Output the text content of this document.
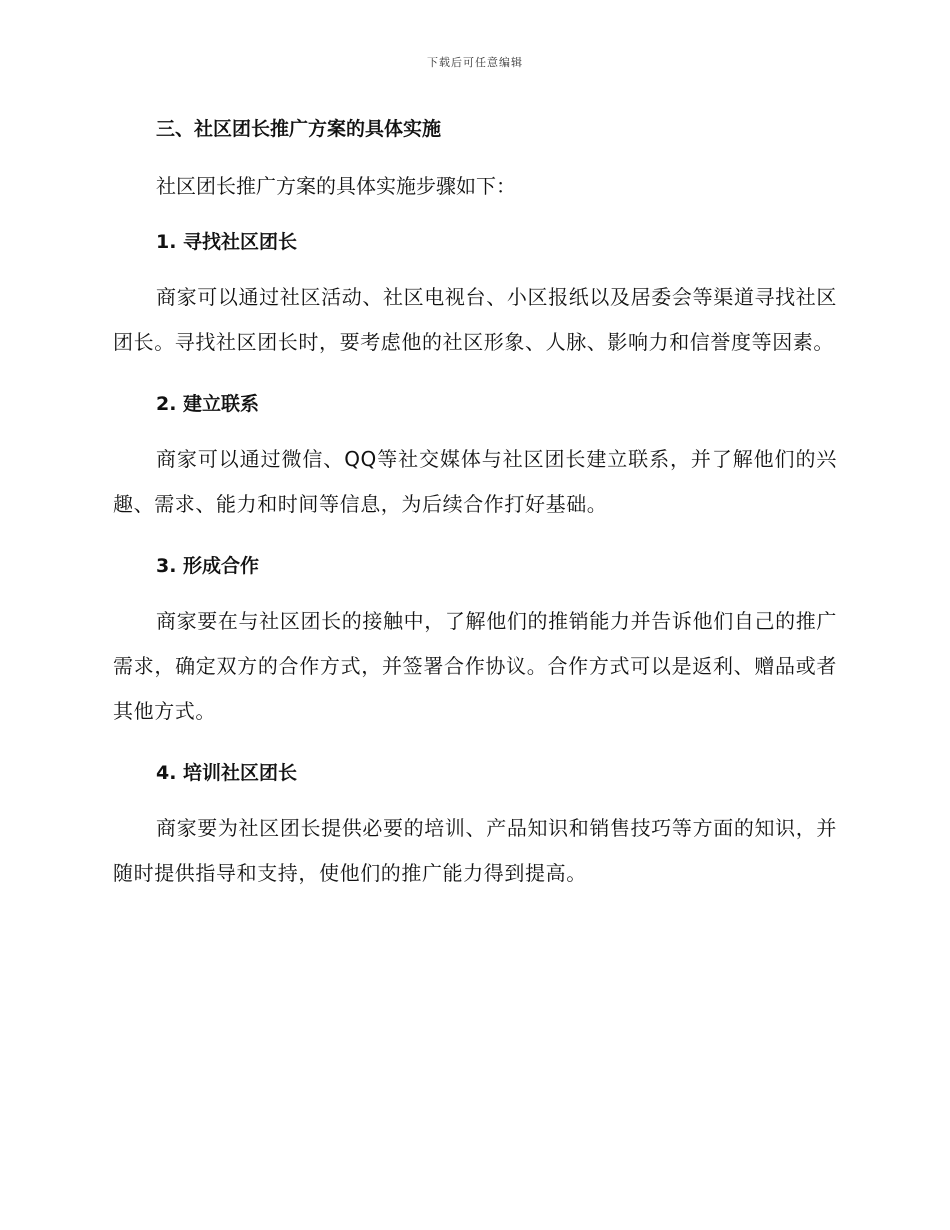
下载后可任意编辑
三、社区团长推广方案的具体实施

社区团长推广方案的具体实施步骤如下：

1. 寻找社区团长

商家可以通过社区活动、社区电视台、小区报纸以及居委会等渠道寻找社区团长。寻找社区团长时，要考虑他的社区形象、人脉、影响力和信誉度等因素。

2. 建立联系

商家可以通过微信、QQ等社交媒体与社区团长建立联系，并了解他们的兴趣、需求、能力和时间等信息，为后续合作打好基础。

3. 形成合作

商家要在与社区团长的接触中，了解他们的推销能力并告诉他们自己的推广需求，确定双方的合作方式，并签署合作协议。合作方式可以是返利、赠品或者其他方式。

4. 培训社区团长

商家要为社区团长提供必要的培训、产品知识和销售技巧等方面的知识，并随时提供指导和支持，使他们的推广能力得到提高。
